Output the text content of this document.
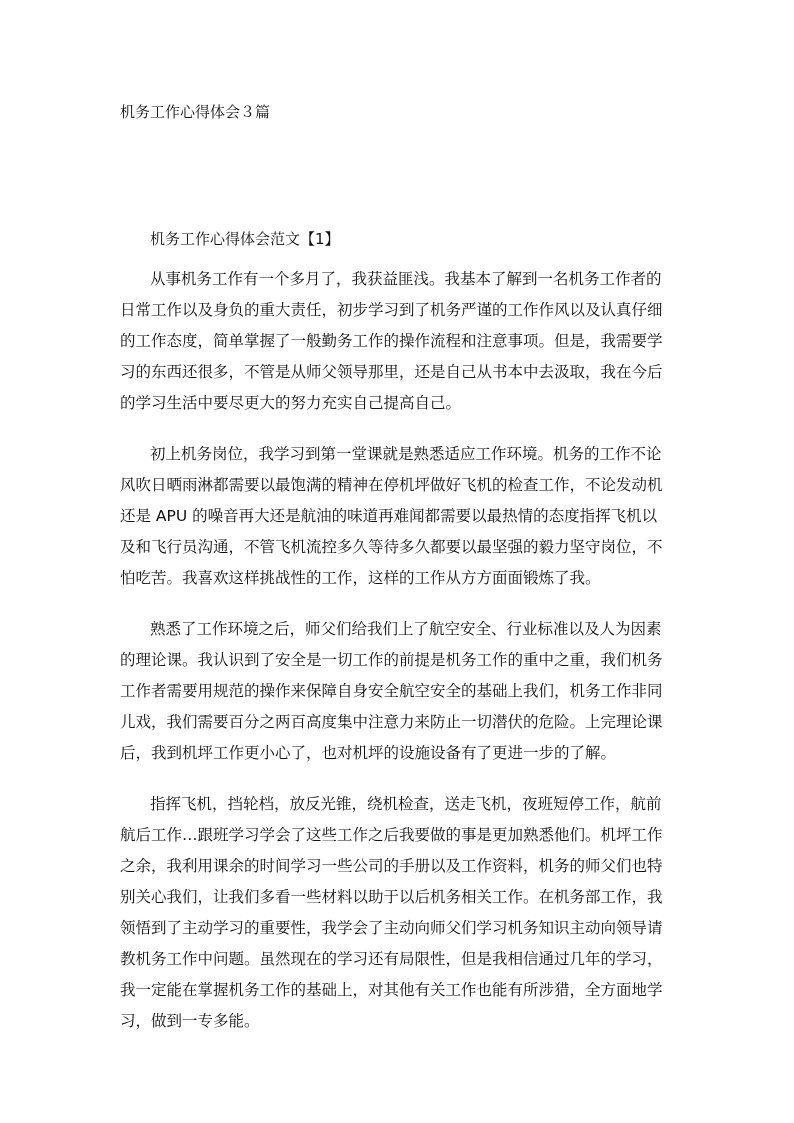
机务工作心得体会３篇
机务工作心得体会范文【1】

从事机务工作有一个多月了，我获益匪浅。我基本了解到一名机务工作者的
日常工作以及身负的重大责任，初步学习到了机务严谨的工作作风以及认真仔细
的工作态度，简单掌握了一般勤务工作的操作流程和注意事项。但是，我需要学
习的东西还很多，不管是从师父领导那里，还是自己从书本中去汲取，我在今后
的学习生活中要尽更大的努力充实自己提高自己。

初上机务岗位，我学习到第一堂课就是熟悉适应工作环境。机务的工作不论
风吹日晒雨淋都需要以最饱满的精神在停机坪做好飞机的检查工作，不论发动机
还是 APU 的噪音再大还是航油的味道再难闻都需要以最热情的态度指挥飞机以
及和飞行员沟通，不管飞机流控多久等待多久都要以最坚强的毅力坚守岗位，不
怕吃苦。我喜欢这样挑战性的工作，这样的工作从方方面面锻炼了我。

熟悉了工作环境之后，师父们给我们上了航空安全、行业标准以及人为因素
的理论课。我认识到了安全是一切工作的前提是机务工作的重中之重，我们机务
工作者需要用规范的操作来保障自身安全航空安全的基础上我们，机务工作非同
儿戏，我们需要百分之两百高度集中注意力来防止一切潜伏的危险。上完理论课
后，我到机坪工作更小心了，也对机坪的设施设备有了更进一步的了解。

指挥飞机，挡轮档，放反光锥，绕机检查，送走飞机，夜班短停工作，航前
航后工作…跟班学习学会了这些工作之后我要做的事是更加熟悉他们。机坪工作
之余，我利用课余的时间学习一些公司的手册以及工作资料，机务的师父们也特
别关心我们，让我们多看一些材料以助于以后机务相关工作。在机务部工作，我
领悟到了主动学习的重要性，我学会了主动向师父们学习机务知识主动向领导请
教机务工作中问题。虽然现在的学习还有局限性，但是我相信通过几年的学习，
我一定能在掌握机务工作的基础上，对其他有关工作也能有所涉猎，全方面地学
习，做到一专多能。
